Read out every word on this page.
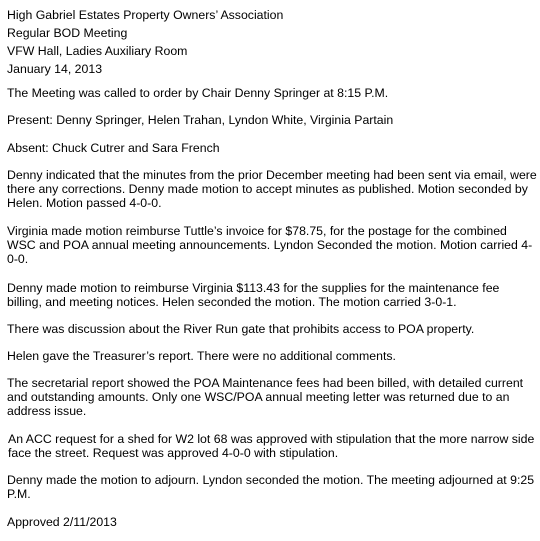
High Gabriel Estates Property Owners’ Association
Regular BOD Meeting
VFW Hall, Ladies Auxiliary Room
January 14, 2013

The Meeting was called to order by Chair Denny Springer at 8:15 P.M.

Present: Denny Springer, Helen Trahan, Lyndon White, Virginia Partain

Absent: Chuck Cutrer and Sara French

Denny indicated that the minutes from the prior December meeting had been sent via email, were there any corrections. Denny made motion to accept minutes as published. Motion seconded by Helen. Motion passed 4-0-0.

Virginia made motion reimburse Tuttle’s invoice for $78.75, for the postage for the combined WSC and POA annual meeting announcements. Lyndon Seconded the motion. Motion carried 4-0-0.

Denny made motion to reimburse Virginia $113.43 for the supplies for the maintenance fee billing, and meeting notices. Helen seconded the motion. The motion carried 3-0-1.

There was discussion about the River Run gate that prohibits access to POA property.

Helen gave the Treasurer’s report. There were no additional comments.

The secretarial report showed the POA Maintenance fees had been billed, with detailed current and outstanding amounts. Only one WSC/POA annual meeting letter was returned due to an address issue.

An ACC request for a shed for W2 lot 68 was approved with stipulation that the more narrow side face the street. Request was approved 4-0-0 with stipulation.

Denny made the motion to adjourn. Lyndon seconded the motion. The meeting adjourned at 9:25 P.M.

Approved 2/11/2013
